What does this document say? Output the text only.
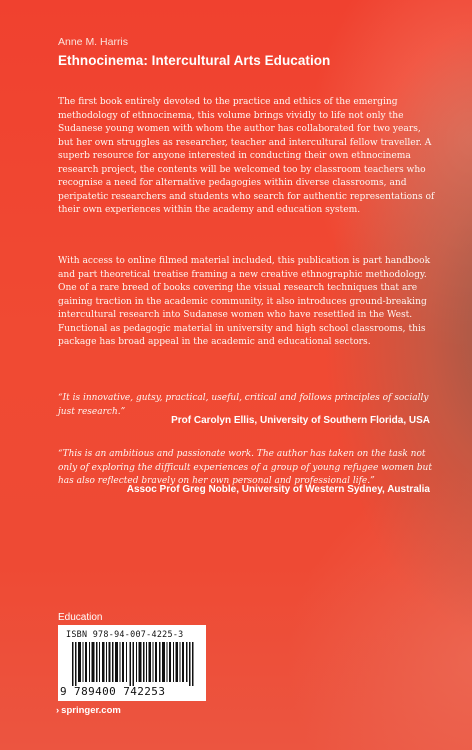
Anne M. Harris
Ethnocinema: Intercultural Arts Education

The first book entirely devoted to the practice and ethics of the emerging methodology of ethnocinema, this volume brings vividly to life not only the Sudanese young women with whom the author has collaborated for two years, but her own struggles as researcher, teacher and intercultural fellow traveller. A superb resource for anyone interested in conducting their own ethnocinema research project, the contents will be welcomed too by classroom teachers who recognise a need for alternative pedagogies within diverse classrooms, and peripatetic researchers and students who search for authentic representations of their own experiences within the academy and education system.

With access to online filmed material included, this publication is part handbook and part theoretical treatise framing a new creative ethnographic methodology. One of a rare breed of books covering the visual research techniques that are gaining traction in the academic community, it also introduces ground-breaking intercultural research into Sudanese women who have resettled in the West. Functional as pedagogic material in university and high school classrooms, this package has broad appeal in the academic and educational sectors.

“It is innovative, gutsy, practical, useful, critical and follows principles of socially just research.”

Prof Carolyn Ellis, University of Southern Florida, USA

“This is an ambitious and passionate work. The author has taken on the task not only of exploring the difficult experiences of a group of young refugee women but has also reflected bravely on her own personal and professional life.”

Assoc Prof Greg Noble, University of Western Sydney, Australia
Education
ISBN 978-94-007-4225-3
9 789400 742253
› springer.com
